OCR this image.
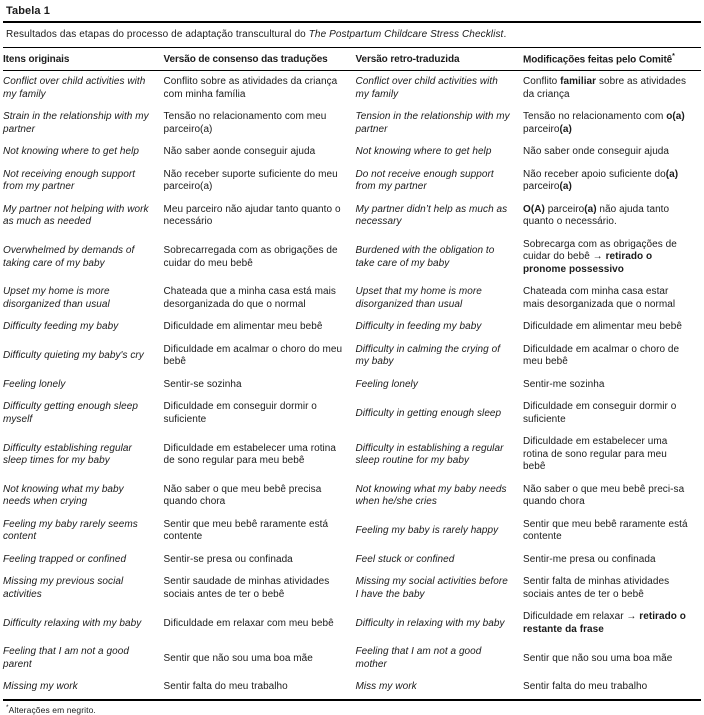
Tabela 1
Resultados das etapas do processo de adaptação transcultural do The Postpartum Childcare Stress Checklist.
Itens originais	Versão de consenso das traduções	Versão retro-traduzida	Modificações feitas pelo Comitê*
Conflict over child activities with my family	Conflito sobre as atividades da criança com minha família	Conflict over child activities with my family	Conflito familiar sobre as atividades da criança
Strain in the relationship with my partner	Tensão no relacionamento com meu parceiro(a)	Tension in the relationship with my partner	Tensão no relacionamento com o(a) parceiro(a)
Not knowing where to get help	Não saber aonde conseguir ajuda	Not knowing where to get help	Não saber onde conseguir ajuda
Not receiving enough support from my partner	Não receber suporte suficiente do meu parceiro(a)	Do not receive enough support from my partner	Não receber apoio suficiente do(a) parceiro(a)
My partner not helping with work as much as needed	Meu parceiro não ajudar tanto quanto o necessário	My partner didn’t help as much as necessary	O(A) parceiro(a) não ajuda tanto quanto o necessário.
Overwhelmed by demands of taking care of my baby	Sobrecarregada com as obrigações de cuidar do meu bebê	Burdened with the obligation to take care of my baby	Sobrecarga com as obrigações de cuidar do bebê → retirado o pronome possessivo
Upset my home is more disorganized than usual	Chateada que a minha casa está mais desorganizada do que o normal	Upset that my home is more disorganized than usual	Chateada com minha casa estar mais desorganizada que o normal
Difficulty feeding my baby	Dificuldade em alimentar meu bebê	Difficulty in feeding my baby	Dificuldade em alimentar meu bebê
Difficulty quieting my baby's cry	Dificuldade em acalmar o choro do meu bebê	Difficulty in calming the crying of my baby	Dificuldade em acalmar o choro de meu bebê
Feeling lonely	Sentir-se sozinha	Feeling lonely	Sentir-me sozinha
Difficulty getting enough sleep myself	Dificuldade em conseguir dormir o suficiente	Difficulty in getting enough sleep	Dificuldade em conseguir dormir o suficiente
Difficulty establishing regular sleep times for my baby	Dificuldade em estabelecer uma rotina de sono regular para meu bebê	Difficulty in establishing a regular sleep routine for my baby	Dificuldade em estabelecer uma rotina de sono regular para meu bebê
Not knowing what my baby needs when crying	Não saber o que meu bebê precisa quando chora	Not knowing what my baby needs when he/she cries	Não saber o que meu bebê preci-sa quando chora
Feeling my baby rarely seems content	Sentir que meu bebê raramente está contente	Feeling my baby is rarely happy	Sentir que meu bebê raramente está contente
Feeling trapped or confined	Sentir-se presa ou confinada	Feel stuck or confined	Sentir-me presa ou confinada
Missing my previous social activities	Sentir saudade de minhas atividades sociais antes de ter o bebê	Missing my social activities before I have the baby	Sentir falta de minhas atividades sociais antes de ter o bebê
Difficulty relaxing with my baby	Dificuldade em relaxar com meu bebê	Difficulty in relaxing with my baby	Dificuldade em relaxar → retirado o restante da frase
Feeling that I am not a good parent	Sentir que não sou uma boa mãe	Feeling that I am not a good mother	Sentir que não sou uma boa mãe
Missing my work	Sentir falta do meu trabalho	Miss my work	Sentir falta do meu trabalho
*Alterações em negrito.
